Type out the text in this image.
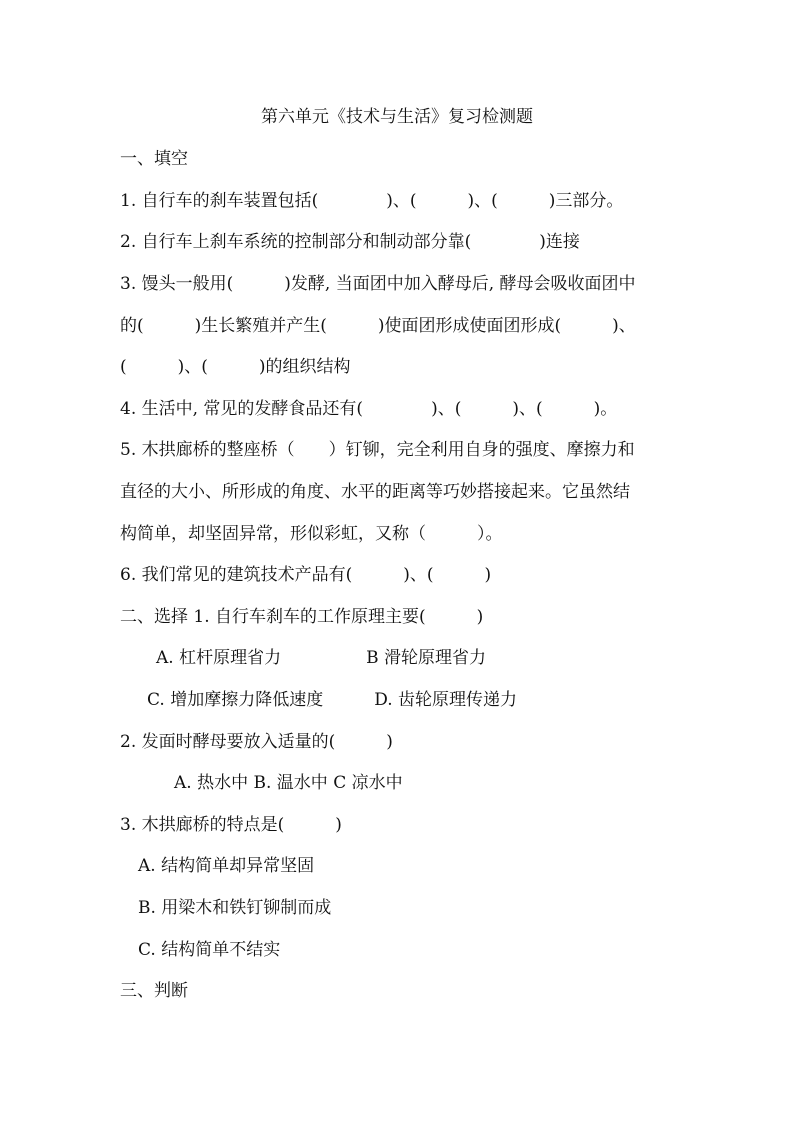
第六单元《技术与生活》复习检测题
一、填空
1. 自行车的刹车装置包括(　　　　)、(　　　)、(　　　)三部分。
2. 自行车上刹车系统的控制部分和制动部分靠(　　　　)连接
3. 馒头一般用(　　　)发酵, 当面团中加入酵母后, 酵母会吸收面团中
的(　　　)生长繁殖并产生(　　　)使面团形成使面团形成(　　　)、
(　　　)、(　　　)的组织结构
4. 生活中, 常见的发酵食品还有(　　　　)、(　　　)、(　　　)。
5. 木拱廊桥的整座桥（　　）钉铆，完全利用自身的强度、摩擦力和
直径的大小、所形成的角度、水平的距离等巧妙搭接起来。它虽然结
构简单，却坚固异常，形似彩虹，又称（　　　）。
6. 我们常见的建筑技术产品有(　　　)、(　　　)
二、选择 1. 自行车刹车的工作原理主要(　　　)
A. 杠杆原理省力　　　　　B 滑轮原理省力
C. 增加摩擦力降低速度　　　D. 齿轮原理传递力
2. 发面时酵母要放入适量的(　　　)
A. 热水中 B. 温水中 C 凉水中
3. 木拱廊桥的特点是(　　　)
A. 结构简单却异常坚固
B. 用梁木和铁钉铆制而成
C. 结构简单不结实
三、判断
